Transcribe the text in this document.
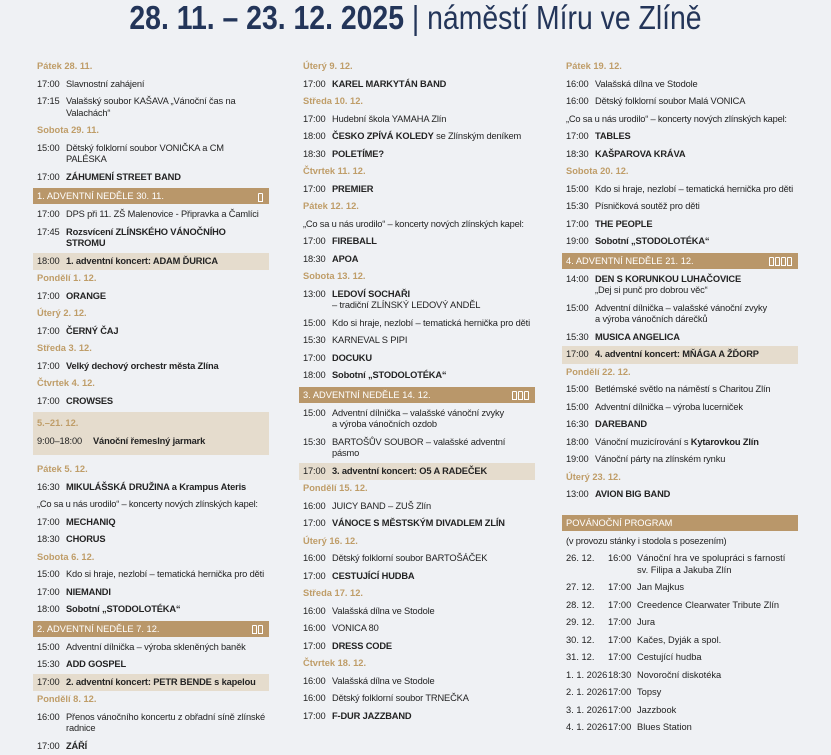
28. 11. – 23. 12. 2025 | náměstí Míru ve Zlíně
Pátek 28. 11.
17:00 Slavnostní zahájení
17:15 Valašský soubor KAŠAVA „Vánoční čas na Valachách“
Sobota 29. 11.
15:00 Dětský folklorní soubor VONIČKA a CM PALÉSKA
17:00 ZÁHUMENÍ STREET BAND
1. ADVENTNÍ NEDĚLE 30. 11.
17:00 DPS při 11. ZŠ Malenovice - Připravka a Čamlíci
17:45 Rozsvícení ZLÍNSKÉHO VÁNOČNÍHO STROMU
18:00 1. adventní koncert: ADAM ĎURICA
Pondělí 1. 12.
17:00 ORANGE
Úterý 2. 12.
17:00 ČERNÝ ČAJ
Středa 3. 12.
17:00 Velký dechový orchestr města Zlína
Čtvrtek 4. 12.
17:00 CROWSES
5.–21. 12.
9:00–18:00	Vánoční řemeslný jarmark
Pátek 5. 12.
16:30 MIKULÁŠSKÁ DRUŽINA a Krampus Ateris
„Co sa u nás urodilo“ – koncerty nových zlínských kapel:
17:00 MECHANIQ
18:30 CHORUS
Sobota 6. 12.
15:00 Kdo si hraje, nezlobí – tematická hernička pro děti
17:00 NIEMANDI
18:00 Sobotní „STODOLOTÉKA“
2. ADVENTNÍ NEDĚLE 7. 12.
15:00 Adventní dílnička – výroba skleněných baněk
15:30 ADD GOSPEL
17:00 2. adventní koncert: PETR BENDE s kapelou
Pondělí 8. 12.
16:00 Přenos vánočního koncertu z obřadní síně zlínské radnice
17:00 ZÁŘÍ
Úterý 9. 12.
17:00 KAREL MARKYTÁN BAND
Středa 10. 12.
17:00 Hudební škola YAMAHA Zlín
18:00 ČESKO ZPÍVÁ KOLEDY se Zlínským deníkem
18:30 POLETÍME?
Čtvrtek 11. 12.
17:00 PREMIER
Pátek 12. 12.
„Co sa u nás urodilo“ – koncerty nových zlínských kapel:
17:00 FIREBALL
18:30 APOA
Sobota 13. 12.
13:00 LEDOVÍ SOCHAŘI
– tradiční ZLÍNSKÝ LEDOVÝ ANDĚL
15:00 Kdo si hraje, nezlobí – tematická hernička pro děti
15:30 KARNEVAL S PIPI
17:00 DOCUKU
18:00 Sobotní „STODOLOTÉKA“
3. ADVENTNÍ NEDĚLE 14. 12.
15:00 Adventní dílnička – valašské vánoční zvyky
a výroba vánočních ozdob
15:30 BARTOŠŮV SOUBOR – valašské adventní pásmo
17:00 3. adventní koncert: O5 A RADEČEK
Pondělí 15. 12.
16:00 JUICY BAND – ZUŠ Zlín
17:00 VÁNOCE S MĚSTSKÝM DIVADLEM ZLÍN
Úterý 16. 12.
16:00 Dětský folklorní soubor BARTOŠÁČEK
17:00 CESTUJÍCÍ HUDBA
Středa 17. 12.
16:00 Valašská dílna ve Stodole
16:00 VONICA 80
17:00 DRESS CODE
Čtvrtek 18. 12.
16:00 Valašská dílna ve Stodole
16:00 Dětský folklorní soubor TRNEČKA
17:00 F-DUR JAZZBAND
Pátek 19. 12.
16:00 Valašská dílna ve Stodole
16:00 Dětský folklorní soubor Malá VONICA
„Co sa u nás urodilo“ – koncerty nových zlínských kapel:
17:00 TABLES
18:30 KAŠPAROVA KRÁVA
Sobota 20. 12.
15:00 Kdo si hraje, nezlobí – tematická hernička pro děti
15:30 Písničková soutěž pro děti
17:00 THE PEOPLE
19:00 Sobotní „STODOLOTÉKA“
4. ADVENTNÍ NEDĚLE 21. 12.
14:00 DEN S KORUNKOU LUHAČOVICE
„Dej si punč pro dobrou věc“
15:00 Adventní dílnička – valašské vánoční zvyky
a výroba vánočních dárečků
15:30 MUSICA ANGELICA
17:00 4. adventní koncert: MŇÁGA A ŽĎORP
Pondělí 22. 12.
15:00 Betlémské světlo na náměstí s Charitou Zlín
15:00 Adventní dílnička – výroba lucerniček
16:30 DAREBAND
18:00 Vánoční muzicírování s Kytarovkou Zlín
19:00 Vánoční párty na zlínském rynku
Úterý 23. 12.
13:00 AVION BIG BAND
POVÁNOČNÍ PROGRAM
(v provozu stánky i stodola s posezením)
26. 12.	16:00 Vánoční hra ve spolupráci s farností
sv. Filipa a Jakuba Zlín
27. 12.	17:00 Jan Majkus
28. 12.	17:00 Creedence Clearwater Tribute Zlín
29. 12.	17:00 Jura
30. 12.	17:00 Kačes, Dyják a spol.
31. 12.	17:00 Cestující hudba
1. 1. 2026 18:30 Novoroční diskotéka
2. 1. 2026 17:00 Topsy
3. 1. 2026 17:00 Jazzbook
4. 1. 2026 17:00 Blues Station
